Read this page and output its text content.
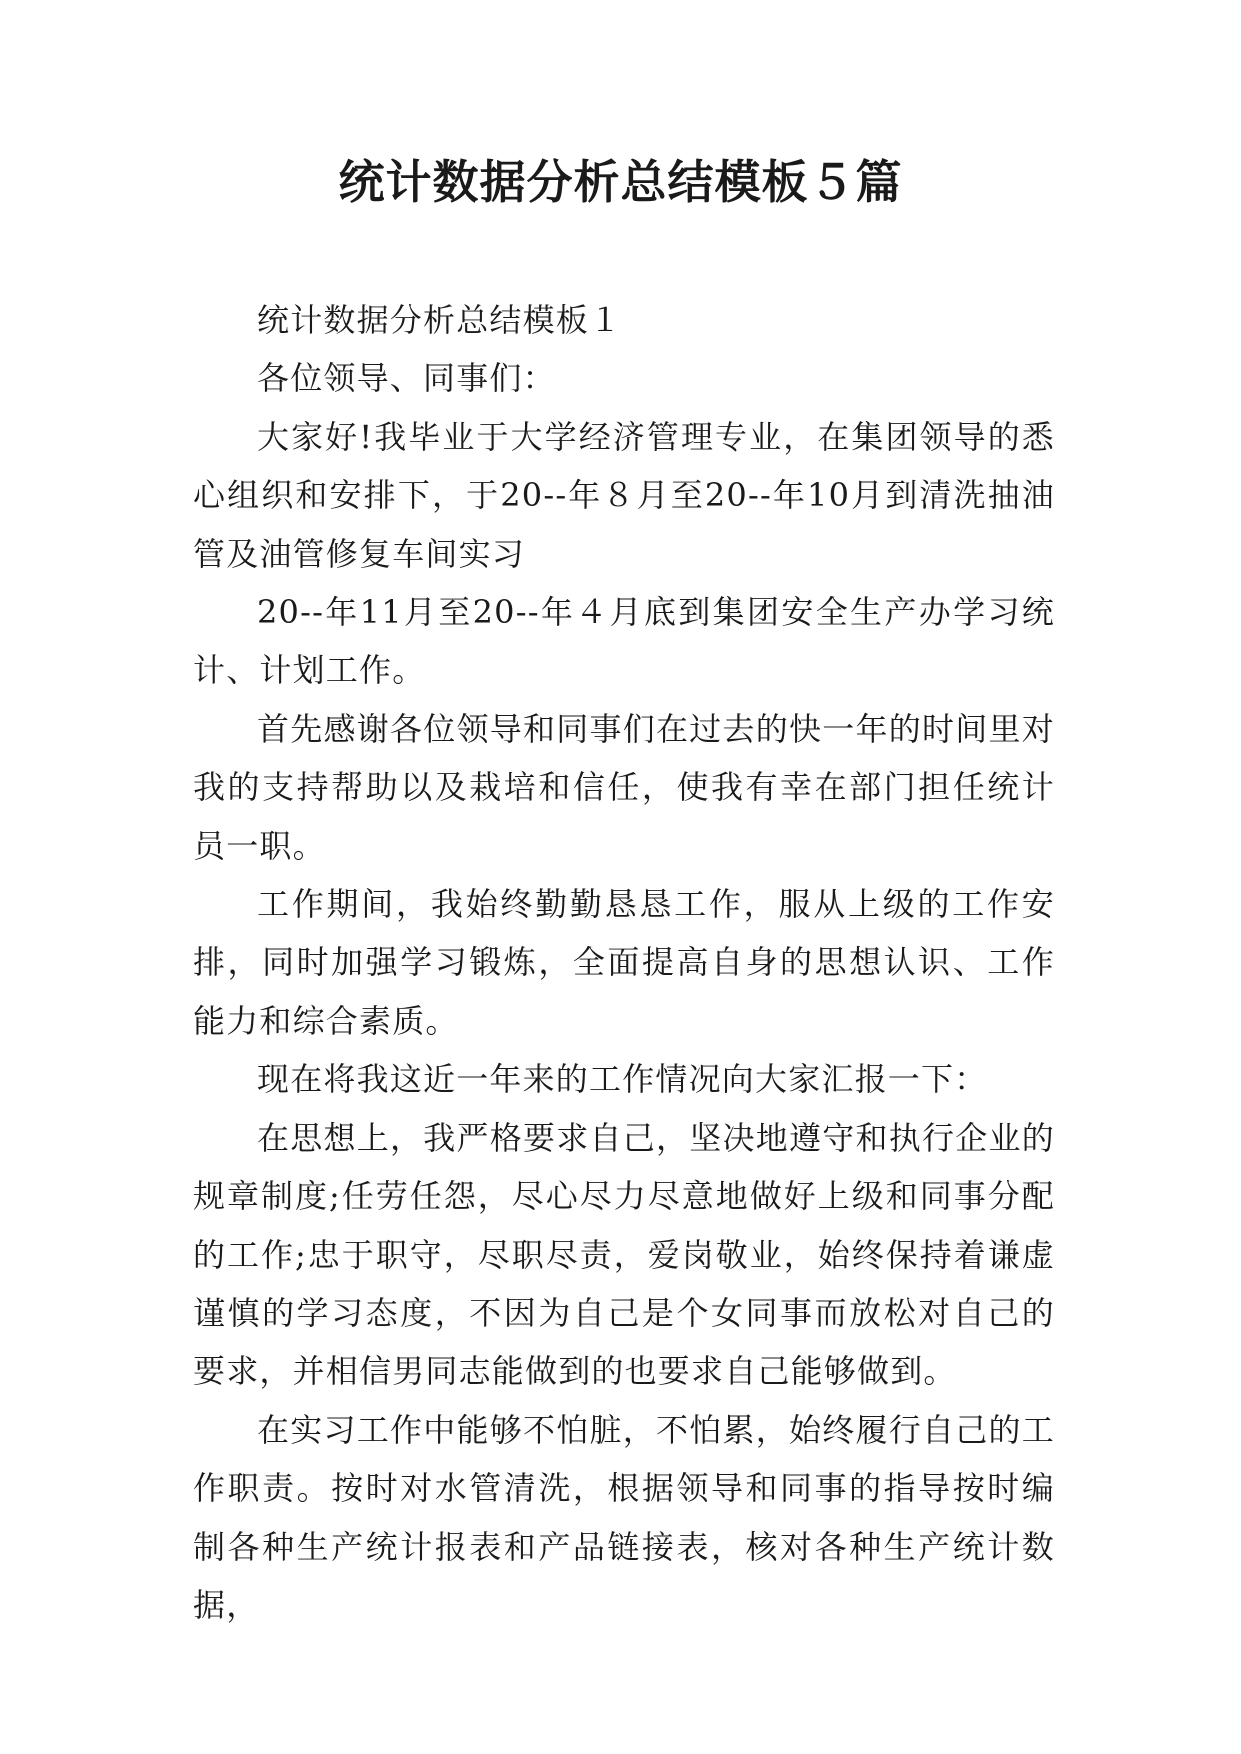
统计数据分析总结模板５篇

统计数据分析总结模板１

各位领导、同事们：

大家好!我毕业于大学经济管理专业，在集团领导的悉心组织和安排下，于20--年８月至20--年10月到清洗抽油管及油管修复车间实习

20--年11月至20--年４月底到集团安全生产办学习统计、计划工作。

首先感谢各位领导和同事们在过去的快一年的时间里对我的支持帮助以及栽培和信任，使我有幸在部门担任统计员一职。

工作期间，我始终勤勤恳恳工作，服从上级的工作安排，同时加强学习锻炼，全面提高自身的思想认识、工作能力和综合素质。

现在将我这近一年来的工作情况向大家汇报一下：

在思想上，我严格要求自己，坚决地遵守和执行企业的规章制度;任劳任怨，尽心尽力尽意地做好上级和同事分配的工作;忠于职守，尽职尽责，爱岗敬业，始终保持着谦虚谨慎的学习态度，不因为自己是个女同事而放松对自己的要求，并相信男同志能做到的也要求自己能够做到。

在实习工作中能够不怕脏，不怕累，始终履行自己的工作职责。按时对水管清洗，根据领导和同事的指导按时编制各种生产统计报表和产品链接表，核对各种生产统计数据，
